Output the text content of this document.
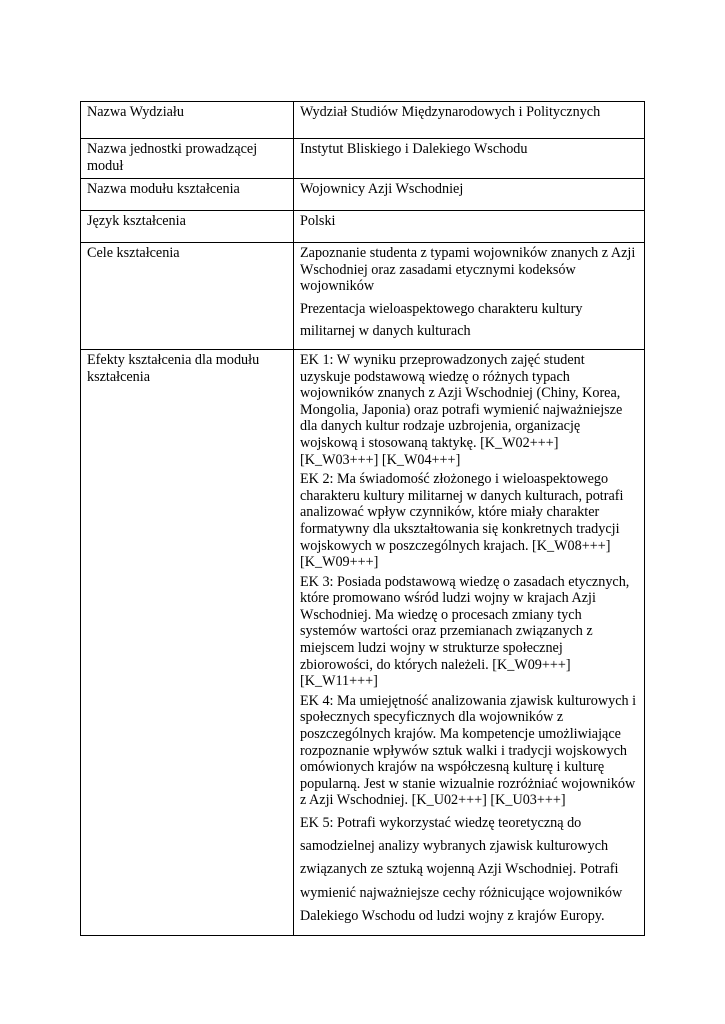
Nazwa Wydziału	Wydział Studiów Międzynarodowych i Politycznych
Nazwa jednostki prowadzącej moduł	Instytut Bliskiego i Dalekiego Wschodu
Nazwa modułu kształcenia	Wojownicy Azji Wschodniej
Język kształcenia	Polski
Cele kształcenia	Zapoznanie studenta z typami wojowników znanych z Azji Wschodniej oraz zasadami etycznymi kodeksów wojowników

Prezentacja wieloaspektowego charakteru kultury militarnej w danych kulturach

Efekty kształcenia dla modułu kształcenia	EK 1: W wyniku przeprowadzonych zajęć student uzyskuje podstawową wiedzę o różnych typach wojowników znanych z Azji Wschodniej (Chiny, Korea, Mongolia, Japonia) oraz potrafi wymienić najważniejsze dla danych kultur rodzaje uzbrojenia, organizację wojskową i stosowaną taktykę. [K_W02+++] [K_W03+++] [K_W04+++]

EK 2: Ma świadomość złożonego i wieloaspektowego charakteru kultury militarnej w danych kulturach, potrafi analizować wpływ czynników, które miały charakter formatywny dla ukształtowania się konkretnych tradycji wojskowych w poszczególnych krajach. [K_W08+++] [K_W09+++]

EK 3: Posiada podstawową wiedzę o zasadach etycznych, które promowano wśród ludzi wojny w krajach Azji Wschodniej. Ma wiedzę o procesach zmiany tych systemów wartości oraz przemianach związanych z miejscem ludzi wojny w strukturze społecznej zbiorowości, do których należeli. [K_W09+++] [K_W11+++]

EK 4: Ma umiejętność analizowania zjawisk kulturowych i społecznych specyficznych dla wojowników z poszczególnych krajów. Ma kompetencje umożliwiające rozpoznanie wpływów sztuk walki i tradycji wojskowych omówionych krajów na współczesną kulturę i kulturę popularną. Jest w stanie wizualnie rozróżniać wojowników z Azji Wschodniej. [K_U02+++] [K_U03+++]

EK 5: Potrafi wykorzystać wiedzę teoretyczną do samodzielnej analizy wybranych zjawisk kulturowych związanych ze sztuką wojenną Azji Wschodniej. Potrafi wymienić najważniejsze cechy różnicujące wojowników Dalekiego Wschodu od ludzi wojny z krajów Europy.
